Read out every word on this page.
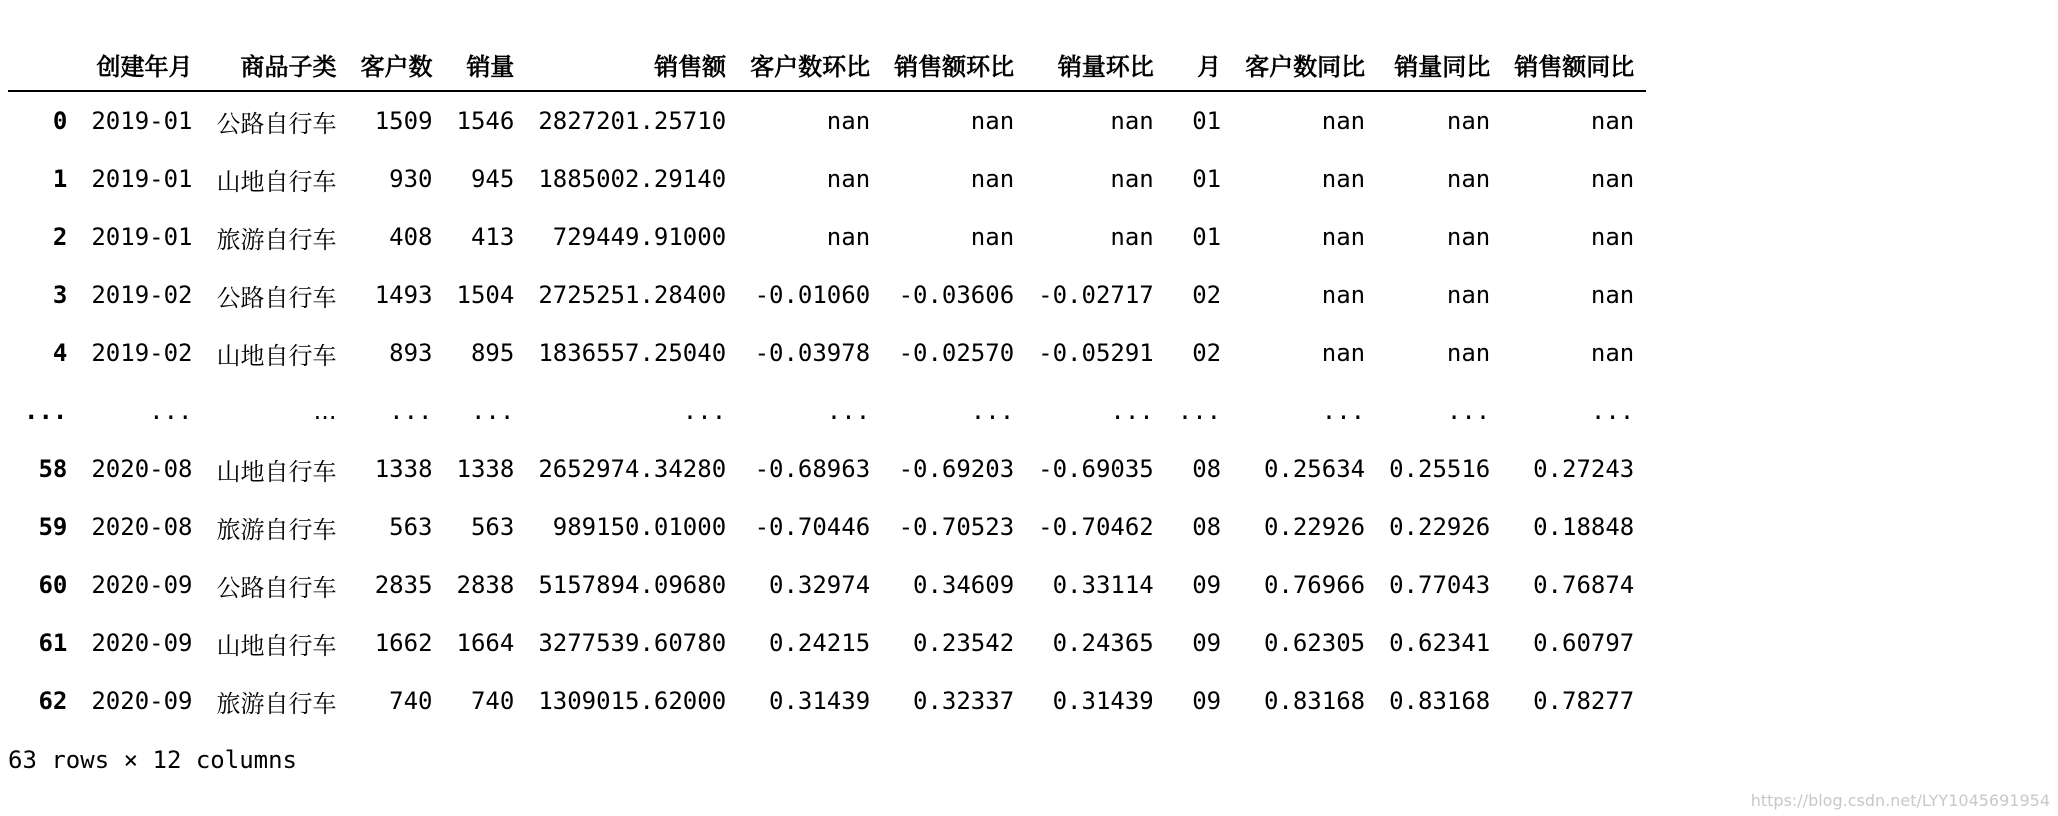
	创建年月	商品子类	客户数	销量	销售额	客户数环比	销售额环比	销量环比	月	客户数同比	销量同比	销售额同比
0	2019-01	公路自行车	1509	1546	2827201.25710	nan	nan	nan	01	nan	nan	nan
1	2019-01	山地自行车	930	945	1885002.29140	nan	nan	nan	01	nan	nan	nan
2	2019-01	旅游自行车	408	413	729449.91000	nan	nan	nan	01	nan	nan	nan
3	2019-02	公路自行车	1493	1504	2725251.28400	-0.01060	-0.03606	-0.02717	02	nan	nan	nan
4	2019-02	山地自行车	893	895	1836557.25040	-0.03978	-0.02570	-0.05291	02	nan	nan	nan
...	...	...	...	...	...	...	...	...	...	...	...	...
58	2020-08	山地自行车	1338	1338	2652974.34280	-0.68963	-0.69203	-0.69035	08	0.25634	0.25516	0.27243
59	2020-08	旅游自行车	563	563	989150.01000	-0.70446	-0.70523	-0.70462	08	0.22926	0.22926	0.18848
60	2020-09	公路自行车	2835	2838	5157894.09680	0.32974	0.34609	0.33114	09	0.76966	0.77043	0.76874
61	2020-09	山地自行车	1662	1664	3277539.60780	0.24215	0.23542	0.24365	09	0.62305	0.62341	0.60797
62	2020-09	旅游自行车	740	740	1309015.62000	0.31439	0.32337	0.31439	09	0.83168	0.83168	0.78277
63 rows × 12 columns
https://blog.csdn.net/LYY1045691954
